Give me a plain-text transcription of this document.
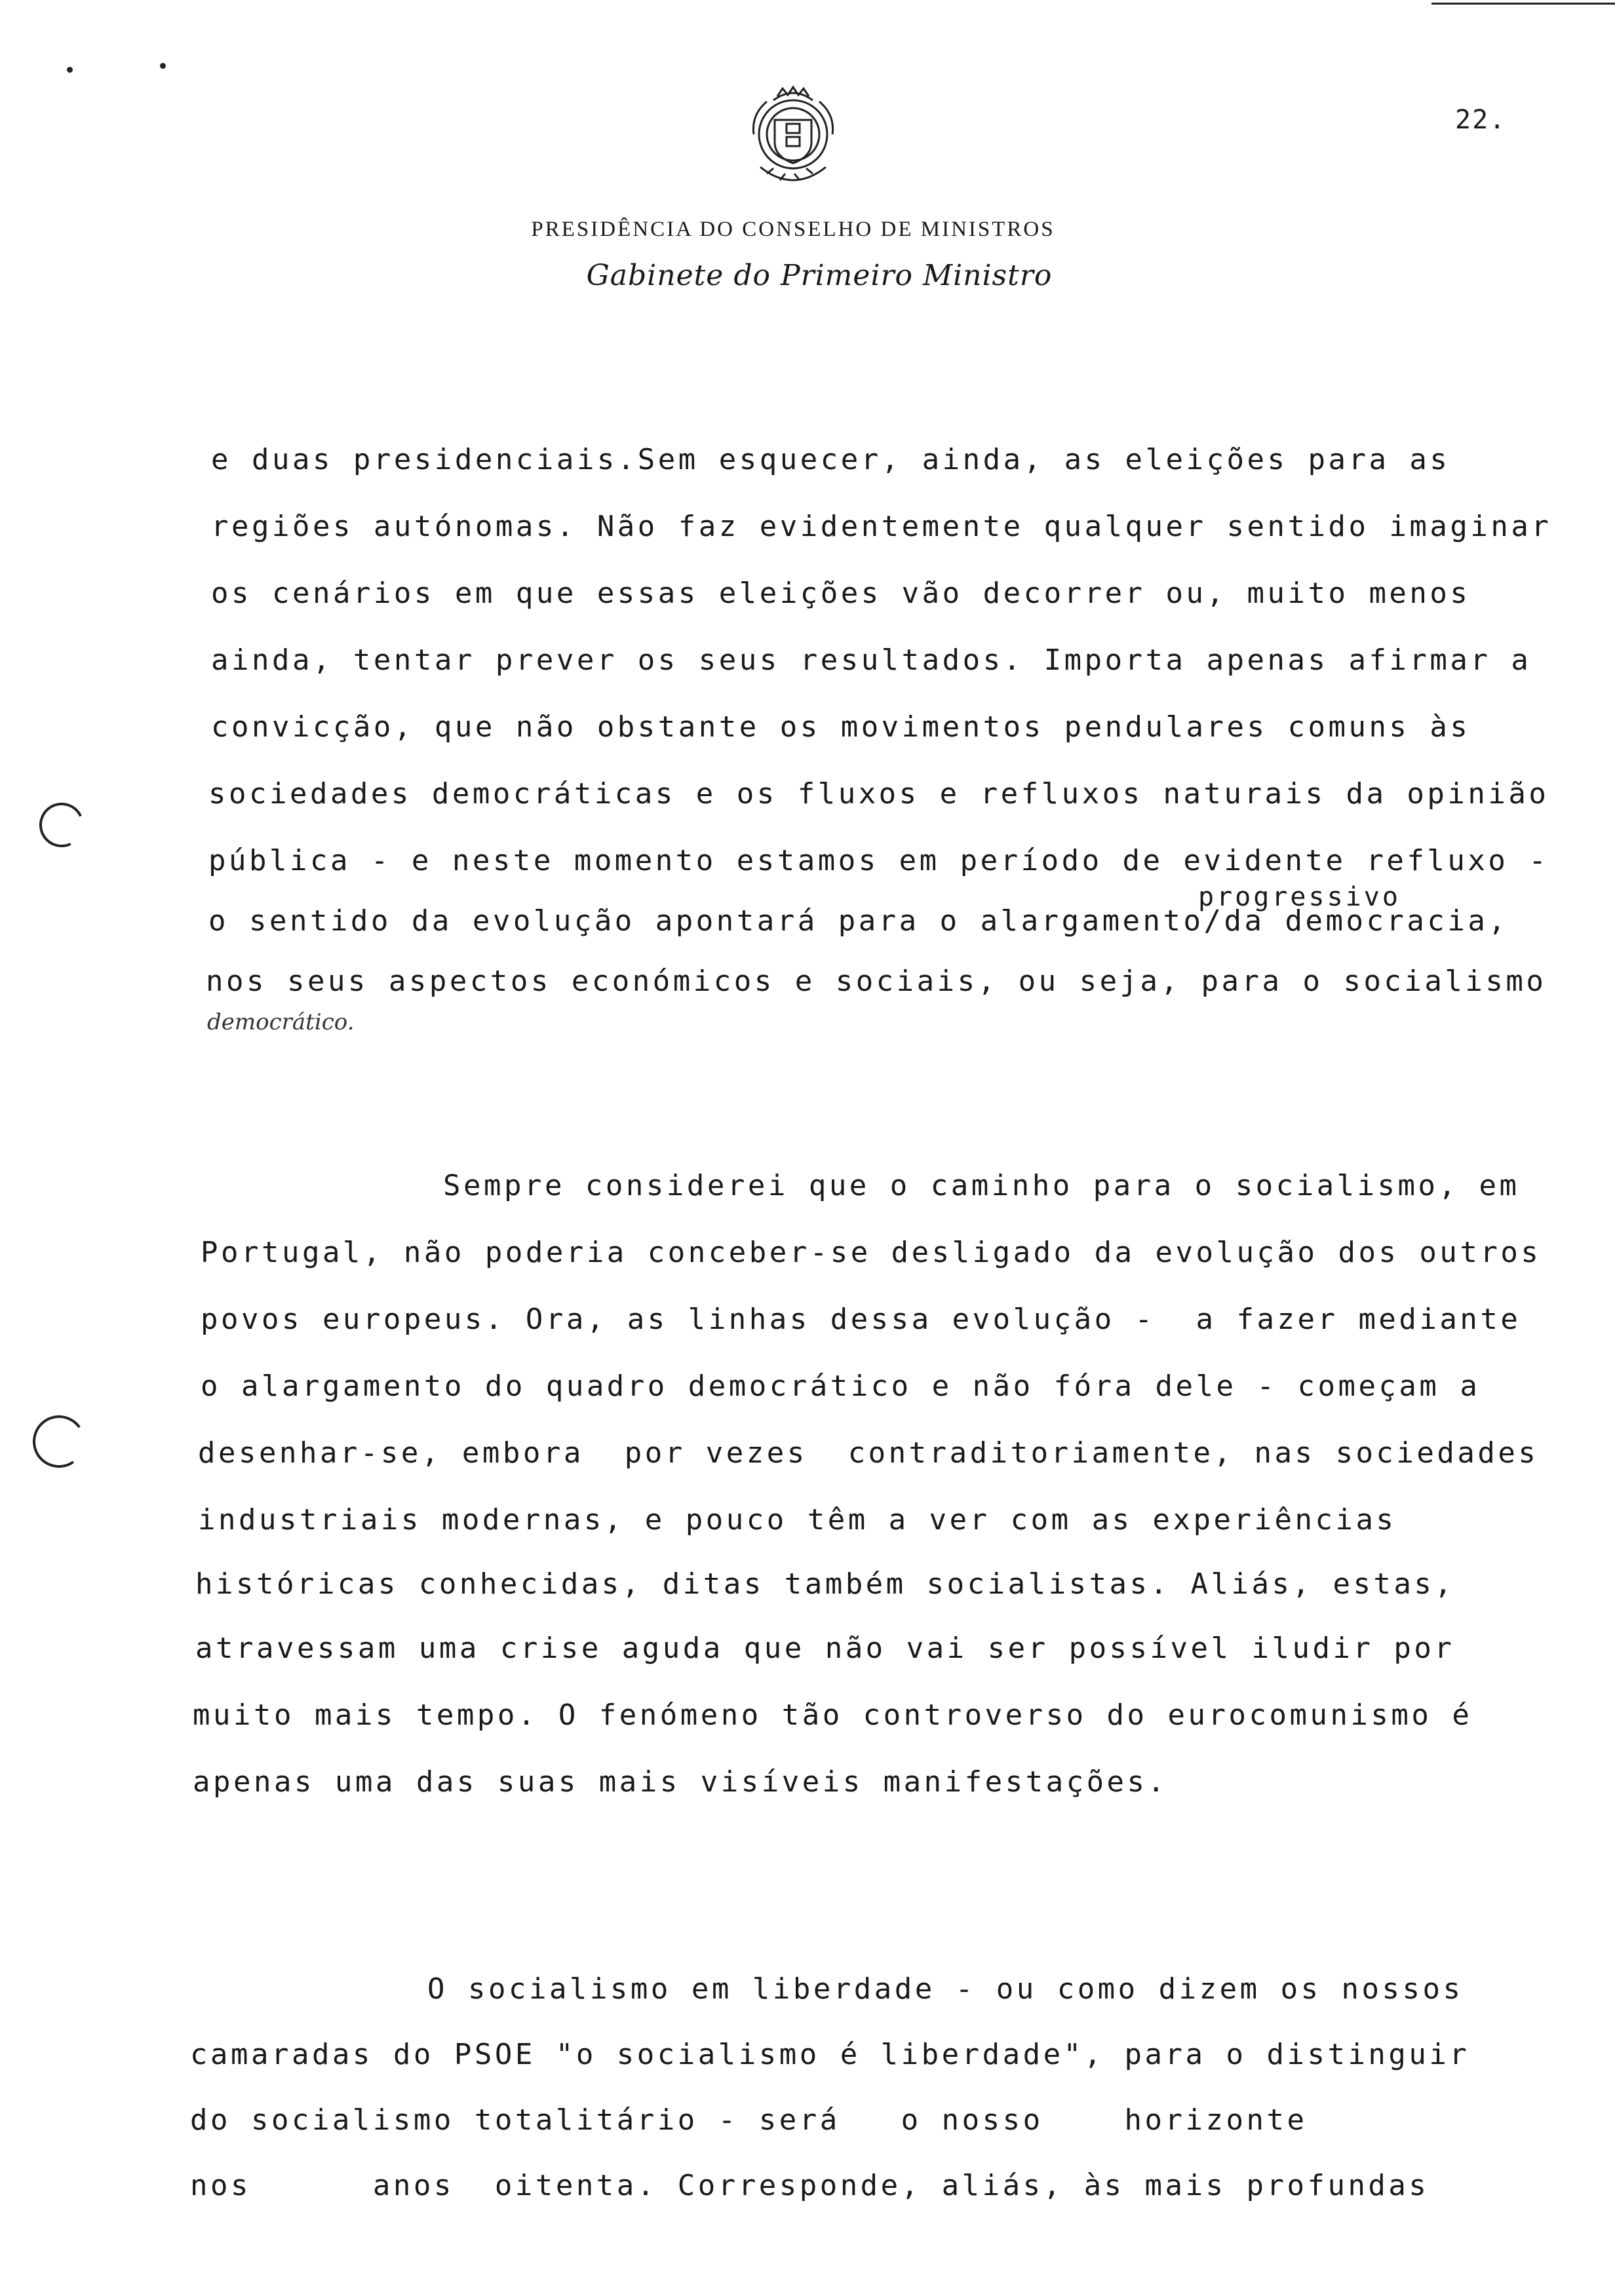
22.
PRESIDÊNCIA DO CONSELHO DE MINISTROS
Gabinete do Primeiro Ministro
e duas presidenciais.Sem esquecer, ainda, as eleições para as
regiões autónomas. Não faz evidentemente qualquer sentido imaginar
os cenários em que essas eleições vão decorrer ou, muito menos
ainda, tentar prever os seus resultados. Importa apenas afirmar a
convicção, que não obstante os movimentos pendulares comuns às
sociedades democráticas e os fluxos e refluxos naturais da opinião
pública - e neste momento estamos em período de evidente refluxo -
progressivo
o sentido da evolução apontará para o alargamento/da democracia,
nos seus aspectos económicos e sociais, ou seja, para o socialismo
democrático.
Sempre considerei que o caminho para o socialismo, em
Portugal, não poderia conceber-se desligado da evolução dos outros
povos europeus. Ora, as linhas dessa evolução -  a fazer mediante
o alargamento do quadro democrático e não fóra dele - começam a
desenhar-se, embora  por vezes  contraditoriamente, nas sociedades
industriais modernas, e pouco têm a ver com as experiências
históricas conhecidas, ditas também socialistas. Aliás, estas,
atravessam uma crise aguda que não vai ser possível iludir por
muito mais tempo. O fenómeno tão controverso do eurocomunismo é
apenas uma das suas mais visíveis manifestações.
O socialismo em liberdade - ou como dizem os nossos
camaradas do PSOE "o socialismo é liberdade", para o distinguir
do socialismo totalitário - será   o nosso    horizonte
nos      anos  oitenta. Corresponde, aliás, às mais profundas
